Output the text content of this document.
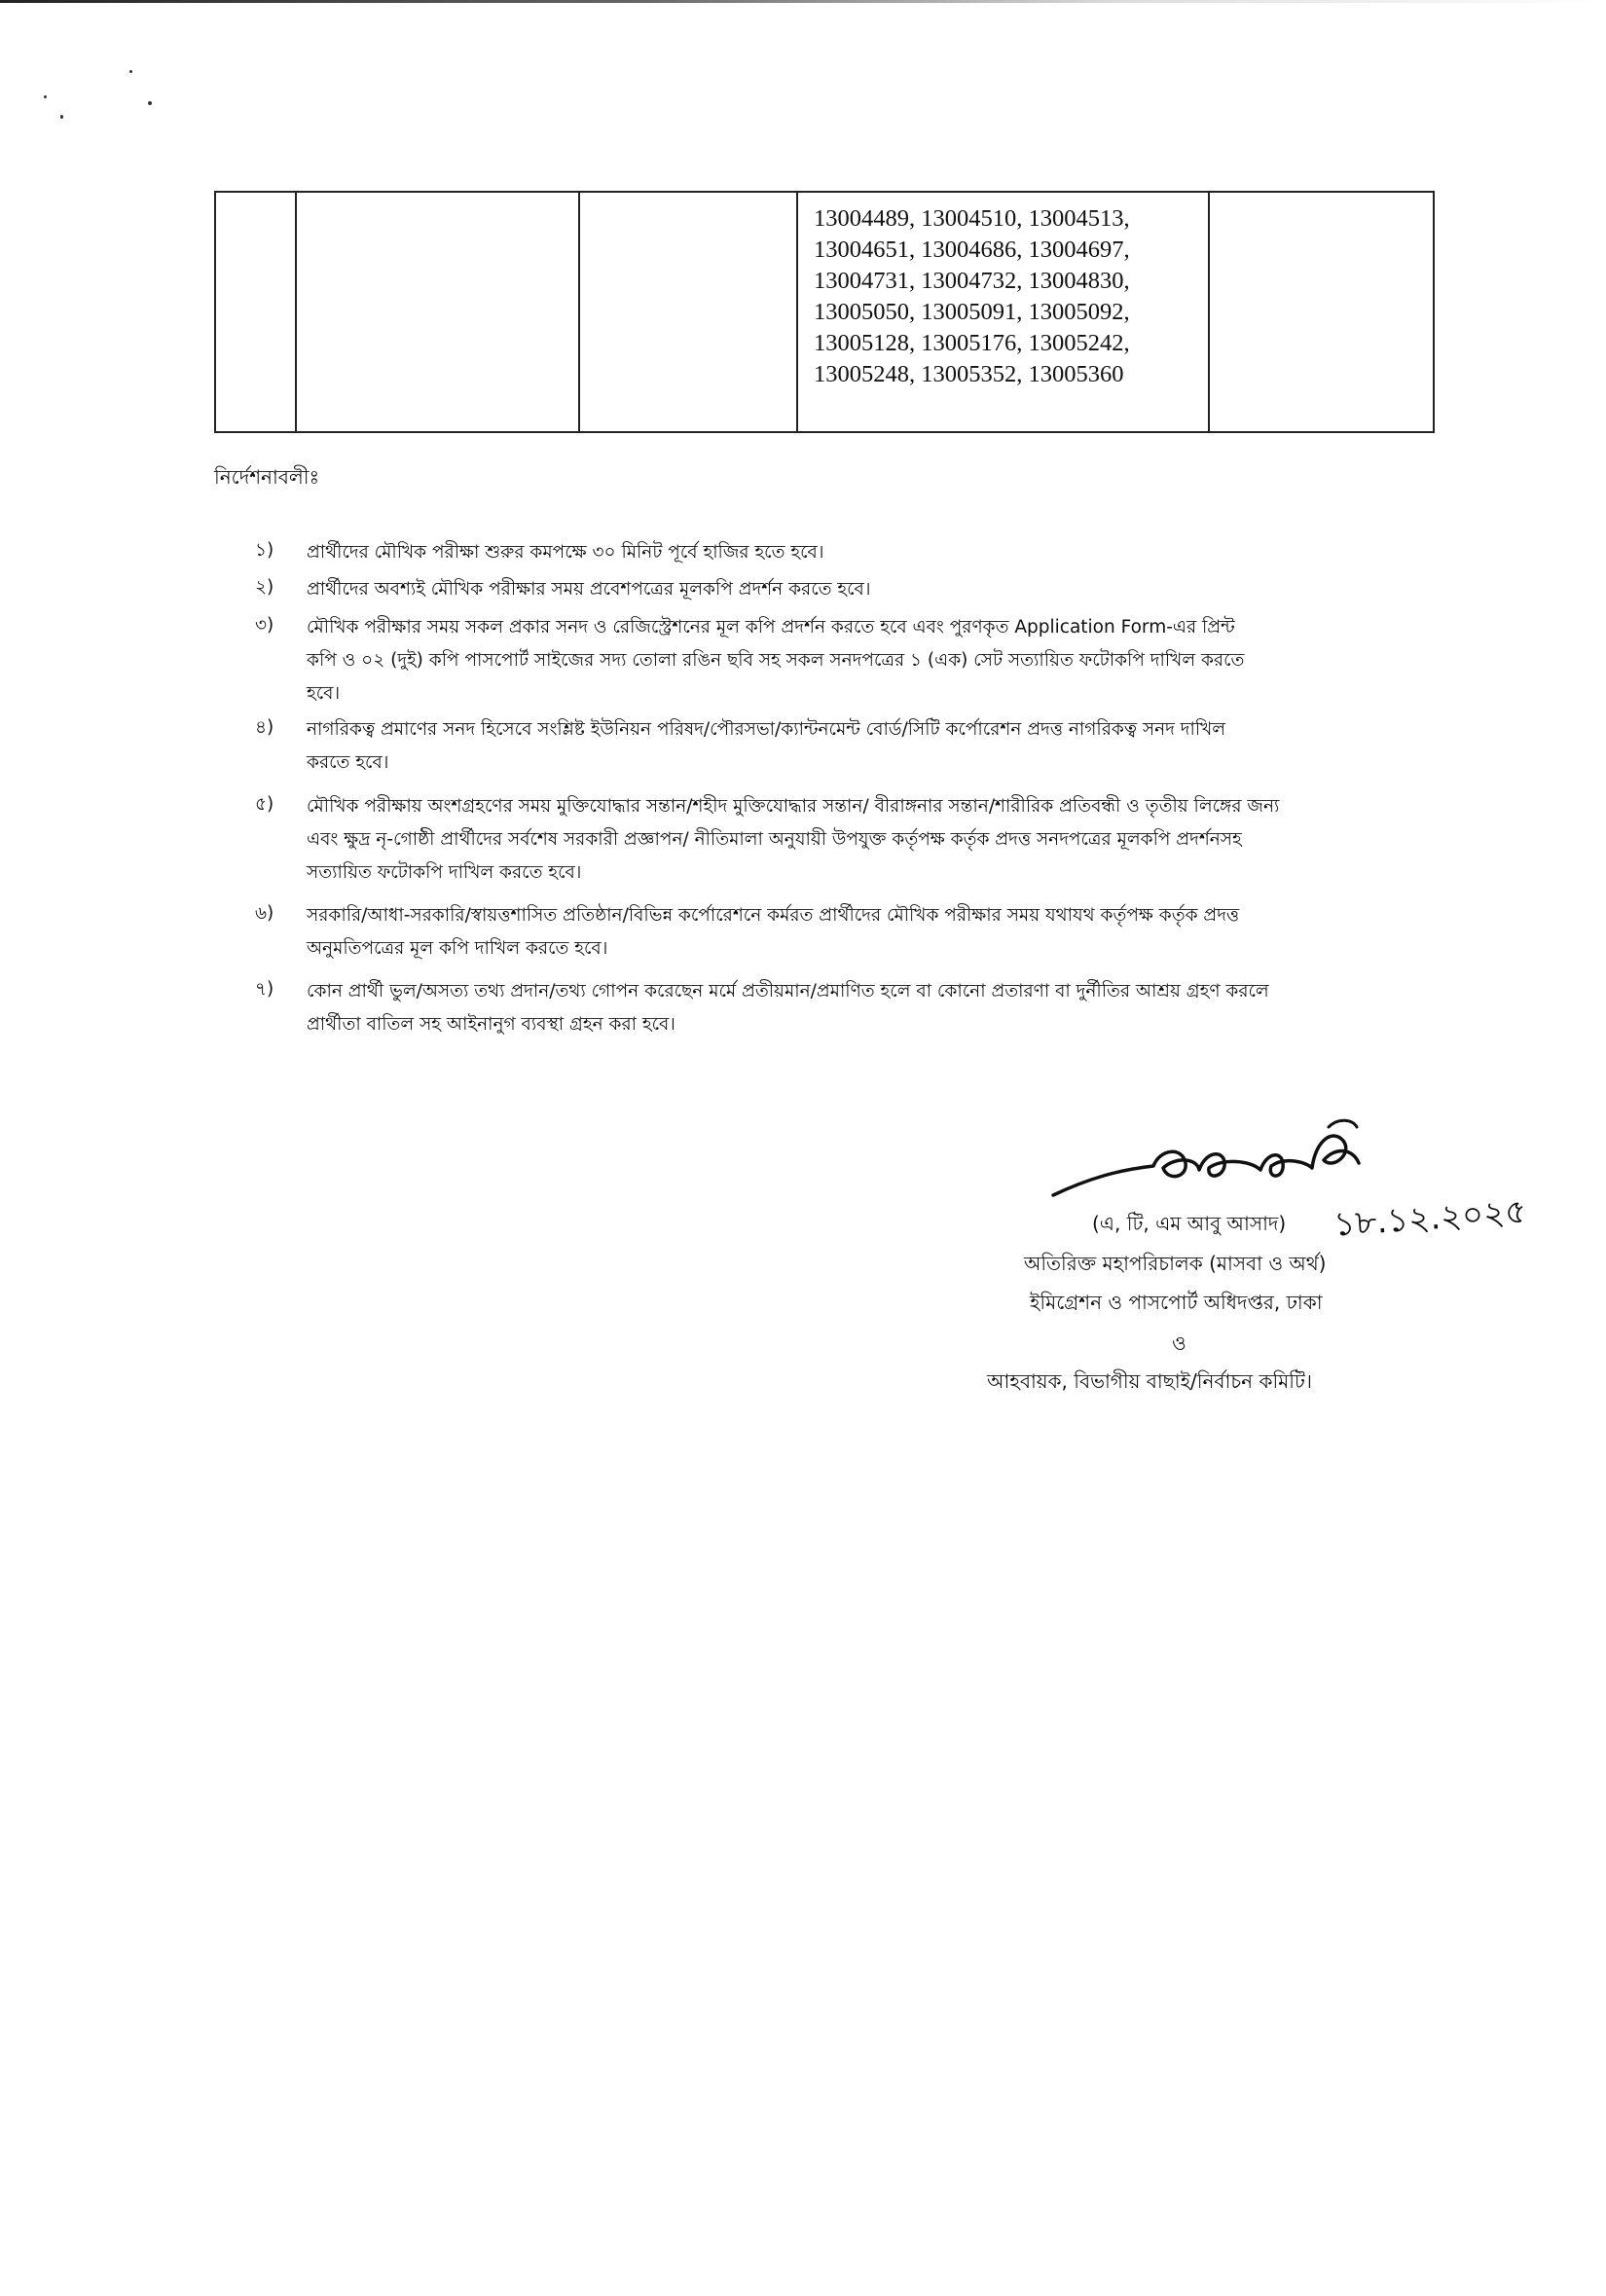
13004489, 13004510, 13004513,
13004651, 13004686, 13004697,
13004731, 13004732, 13004830,
13005050, 13005091, 13005092,
13005128, 13005176, 13005242,
13005248, 13005352, 13005360

নির্দেশনাবলীঃ
১) প্রার্থীদের মৌখিক পরীক্ষা শুরুর কমপক্ষে ৩০ মিনিট পূর্বে হাজির হতে হবে।
২) প্রার্থীদের অবশ্যই মৌখিক পরীক্ষার সময় প্রবেশপত্রের মূলকপি প্রদর্শন করতে হবে।
৩) মৌখিক পরীক্ষার সময় সকল প্রকার সনদ ও রেজিস্ট্রেশনের মূল কপি প্রদর্শন করতে হবে এবং পুরণকৃত Application Form-এর প্রিন্ট
কপি ও ০২ (দুই) কপি পাসপোর্ট সাইজের সদ্য তোলা রঙিন ছবি সহ সকল সনদপত্রের ১ (এক) সেট সত্যায়িত ফটোকপি দাখিল করতে
হবে।
৪) নাগরিকত্ব প্রমাণের সনদ হিসেবে সংশ্লিষ্ট ইউনিয়ন পরিষদ/পৌরসভা/ক্যান্টনমেন্ট বোর্ড/সিটি কর্পোরেশন প্রদত্ত নাগরিকত্ব সনদ দাখিল
করতে হবে।
৫) মৌখিক পরীক্ষায় অংশগ্রহণের সময় মুক্তিযোদ্ধার সন্তান/শহীদ মুক্তিযোদ্ধার সন্তান/ বীরাঙ্গনার সন্তান/শারীরিক প্রতিবন্ধী ও তৃতীয় লিঙ্গের জন্য
এবং ক্ষুদ্র নৃ-গোষ্ঠী প্রার্থীদের সর্বশেষ সরকারী প্রজ্ঞাপন/ নীতিমালা অনুযায়ী উপযুক্ত কর্তৃপক্ষ কর্তৃক প্রদত্ত সনদপত্রের মূলকপি প্রদর্শনসহ
সত্যায়িত ফটোকপি দাখিল করতে হবে।
৬) সরকারি/আধা-সরকারি/স্বায়ত্তশাসিত প্রতিষ্ঠান/বিভিন্ন কর্পোরেশনে কর্মরত প্রার্থীদের মৌখিক পরীক্ষার সময় যথাযথ কর্তৃপক্ষ কর্তৃক প্রদত্ত
অনুমতিপত্রের মূল কপি দাখিল করতে হবে।
৭) কোন প্রার্থী ভুল/অসত্য তথ্য প্রদান/তথ্য গোপন করেছেন মর্মে প্রতীয়মান/প্রমাণিত হলে বা কোনো প্রতারণা বা দুর্নীতির আশ্রয় গ্রহণ করলে
প্রার্থীতা বাতিল সহ আইনানুগ ব্যবস্থা গ্রহন করা হবে।
১৮.১২.২০২৫
(এ, টি, এম আবু আসাদ)
অতিরিক্ত মহাপরিচালক (মাসবা ও অর্থ)
ইমিগ্রেশন ও পাসপোর্ট অধিদপ্তর, ঢাকা
ও
আহবায়ক, বিভাগীয় বাছাই/নির্বাচন কমিটি।
